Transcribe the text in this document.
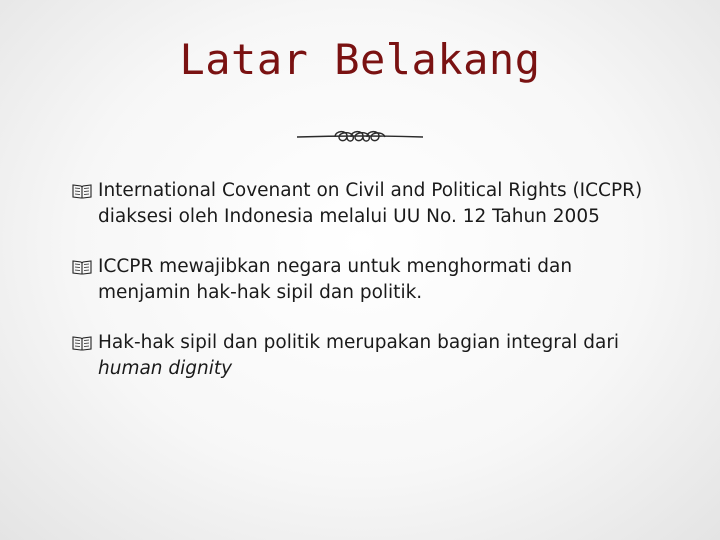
Latar Belakang
International Covenant on Civil and Political Rights (ICCPR) diaksesi oleh Indonesia melalui UU No. 12 Tahun 2005
ICCPR mewajibkan negara untuk menghormati dan menjamin hak-hak sipil dan politik.
Hak-hak sipil dan politik merupakan bagian integral dari human dignity
